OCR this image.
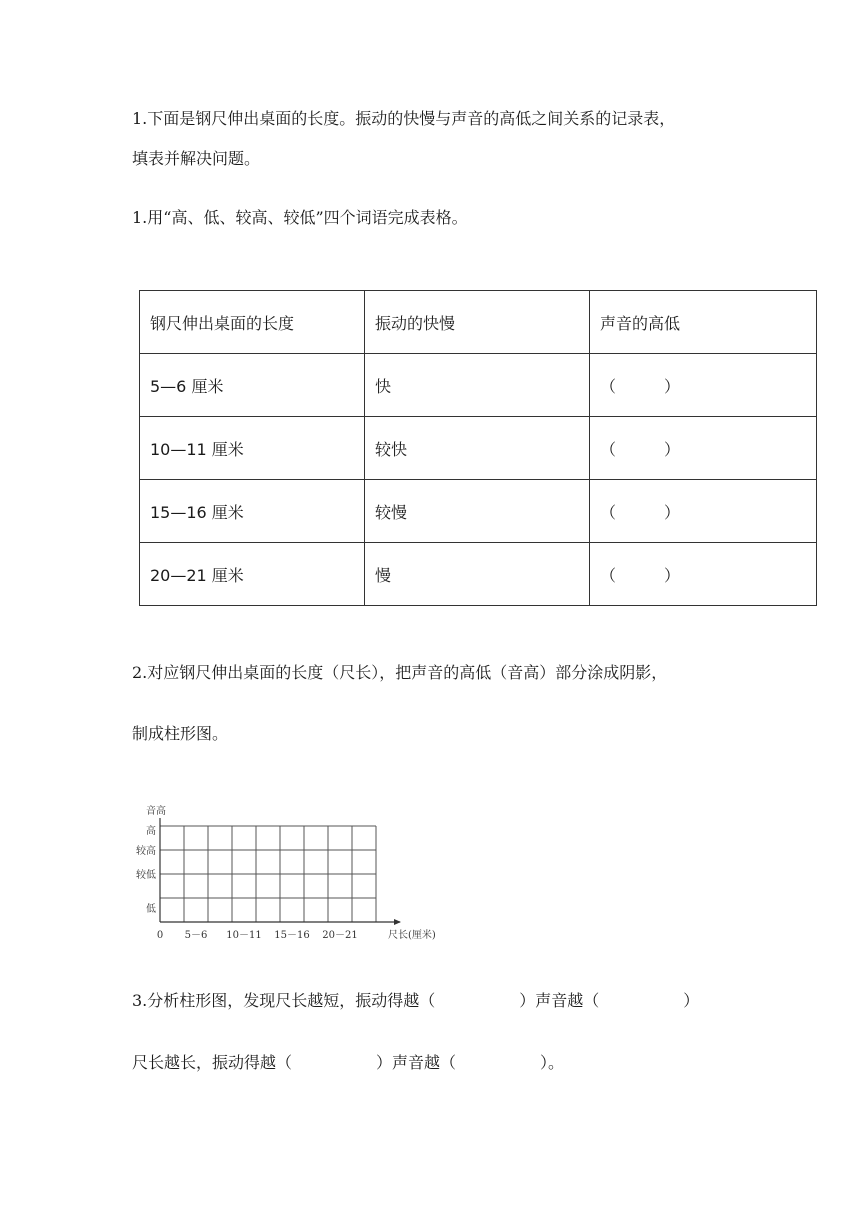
1.下面是钢尺伸出桌面的长度。振动的快慢与声音的高低之间关系的记录表，
填表并解决问题。
1.用“高、低、较高、较低”四个词语完成表格。
钢尺伸出桌面的长度	振动的快慢	声音的高低
5—6 厘米	快	（ ）
10—11 厘米	较快	（ ）
15—16 厘米	较慢	（ ）
20—21 厘米	慢	（ ）
2.对应钢尺伸出桌面的长度（尺长），把声音的高低（音高）部分涂成阴影，
制成柱形图。
音高
低
较低
较高
高
0 5－6 10－11 15－16 20－21	尺长(厘米)
3.分析柱形图，发现尺长越短，振动得越（	）声音越（	）
尺长越长，振动得越（	）声音越（	）。
